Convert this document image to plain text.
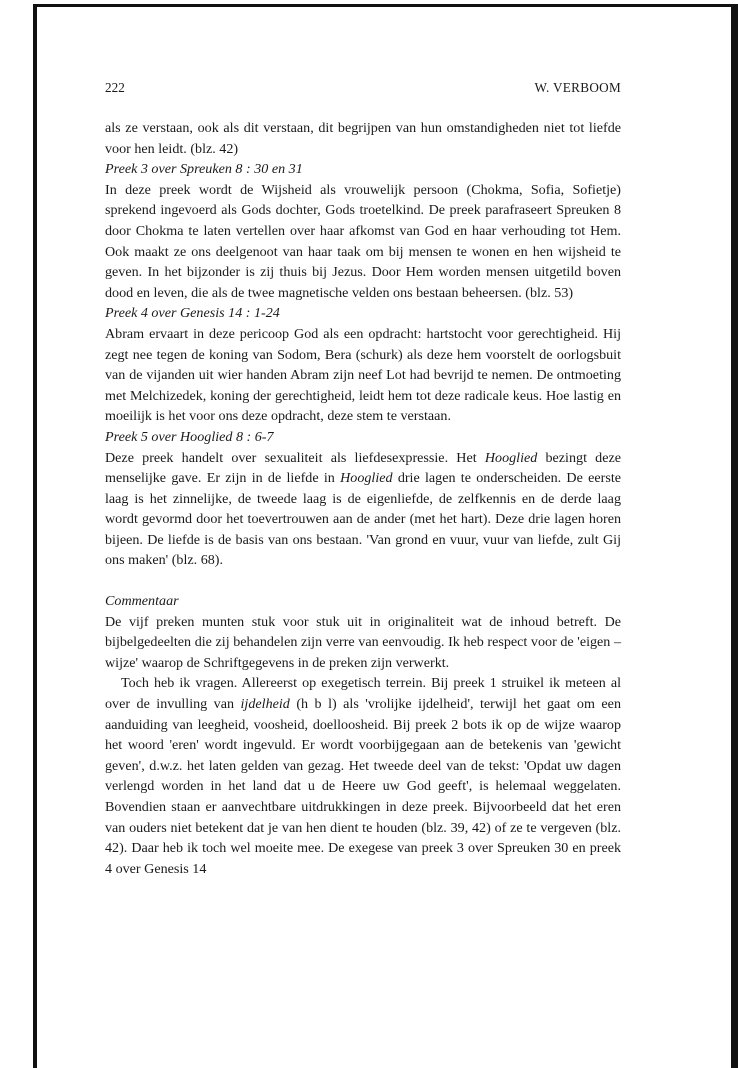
222	W. VERBOOM

als ze verstaan, ook als dit verstaan, dit begrijpen van hun omstandigheden niet tot liefde voor hen leidt. (blz. 42)

Preek 3 over Spreuken 8 : 30 en 31

In deze preek wordt de Wijsheid als vrouwelijk persoon (Chokma, Sofia, Sofietje) sprekend ingevoerd als Gods dochter, Gods troetelkind. De preek parafraseert Spreuken 8 door Chokma te laten vertellen over haar afkomst van God en haar verhouding tot Hem. Ook maakt ze ons deelgenoot van haar taak om bij mensen te wonen en hen wijsheid te geven. In het bijzonder is zij thuis bij Jezus. Door Hem worden mensen uitgetild boven dood en leven, die als de twee magnetische velden ons bestaan beheersen. (blz. 53)

Preek 4 over Genesis 14 : 1-24

Abram ervaart in deze pericoop God als een opdracht: hartstocht voor gerechtigheid. Hij zegt nee tegen de koning van Sodom, Bera (schurk) als deze hem voorstelt de oorlogsbuit van de vijanden uit wier handen Abram zijn neef Lot had bevrijd te nemen. De ontmoeting met Melchizedek, koning der gerechtigheid, leidt hem tot deze radicale keus. Hoe lastig en moeilijk is het voor ons deze opdracht, deze stem te verstaan.

Preek 5 over Hooglied 8 : 6-7

Deze preek handelt over sexualiteit als liefdesexpressie. Het Hooglied bezingt deze menselijke gave. Er zijn in de liefde in Hooglied drie lagen te onderscheiden. De eerste laag is het zinnelijke, de tweede laag is de eigenliefde, de zelfkennis en de derde laag wordt gevormd door het toevertrouwen aan de ander (met het hart). Deze drie lagen horen bijeen. De liefde is de basis van ons bestaan. 'Van grond en vuur, vuur van liefde, zult Gij ons maken' (blz. 68).

Commentaar

De vijf preken munten stuk voor stuk uit in originaliteit wat de inhoud betreft. De bijbelgedeelten die zij behandelen zijn verre van eenvoudig. Ik heb respect voor de 'eigen – wijze' waarop de Schriftgegevens in de preken zijn verwerkt.

Toch heb ik vragen. Allereerst op exegetisch terrein. Bij preek 1 struikel ik meteen al over de invulling van ijdelheid (h b l) als 'vrolijke ijdelheid', terwijl het gaat om een aanduiding van leegheid, voosheid, doelloosheid. Bij preek 2 bots ik op de wijze waarop het woord 'eren' wordt ingevuld. Er wordt voorbijgegaan aan de betekenis van 'gewicht geven', d.w.z. het laten gelden van gezag. Het tweede deel van de tekst: 'Opdat uw dagen verlengd worden in het land dat u de Heere uw God geeft', is helemaal weggelaten. Bovendien staan er aanvechtbare uitdrukkingen in deze preek. Bijvoorbeeld dat het eren van ouders niet betekent dat je van hen dient te houden (blz. 39, 42) of ze te vergeven (blz. 42). Daar heb ik toch wel moeite mee. De exegese van preek 3 over Spreuken 30 en preek 4 over Genesis 14
